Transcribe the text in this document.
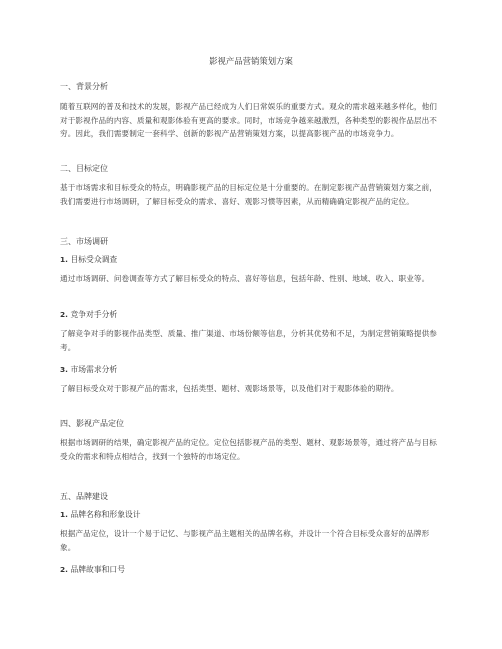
影视产品营销策划方案
一、背景分析
随着互联网的普及和技术的发展，影视产品已经成为人们日常娱乐的重要方式。观众的需求越来越多样化，他们对于影视作品的内容、质量和观影体验有更高的要求。同时，市场竞争越来越激烈，各种类型的影视作品层出不穷。因此，我们需要制定一套科学、创新的影视产品营销策划方案，以提高影视产品的市场竞争力。
二、目标定位
基于市场需求和目标受众的特点，明确影视产品的目标定位是十分重要的。在制定影视产品营销策划方案之前，我们需要进行市场调研，了解目标受众的需求、喜好、观影习惯等因素，从而精确确定影视产品的定位。
三、市场调研
1. 目标受众调查
通过市场调研、问卷调查等方式了解目标受众的特点、喜好等信息，包括年龄、性别、地域、收入、职业等。
2. 竞争对手分析
了解竞争对手的影视作品类型、质量、推广渠道、市场份额等信息，分析其优势和不足，为制定营销策略提供参考。
3. 市场需求分析
了解目标受众对于影视产品的需求，包括类型、题材、观影场景等，以及他们对于观影体验的期待。
四、影视产品定位
根据市场调研的结果，确定影视产品的定位。定位包括影视产品的类型、题材、观影场景等，通过将产品与目标受众的需求和特点相结合，找到一个独特的市场定位。
五、品牌建设
1. 品牌名称和形象设计
根据产品定位，设计一个易于记忆、与影视产品主题相关的品牌名称，并设计一个符合目标受众喜好的品牌形象。
2. 品牌故事和口号
